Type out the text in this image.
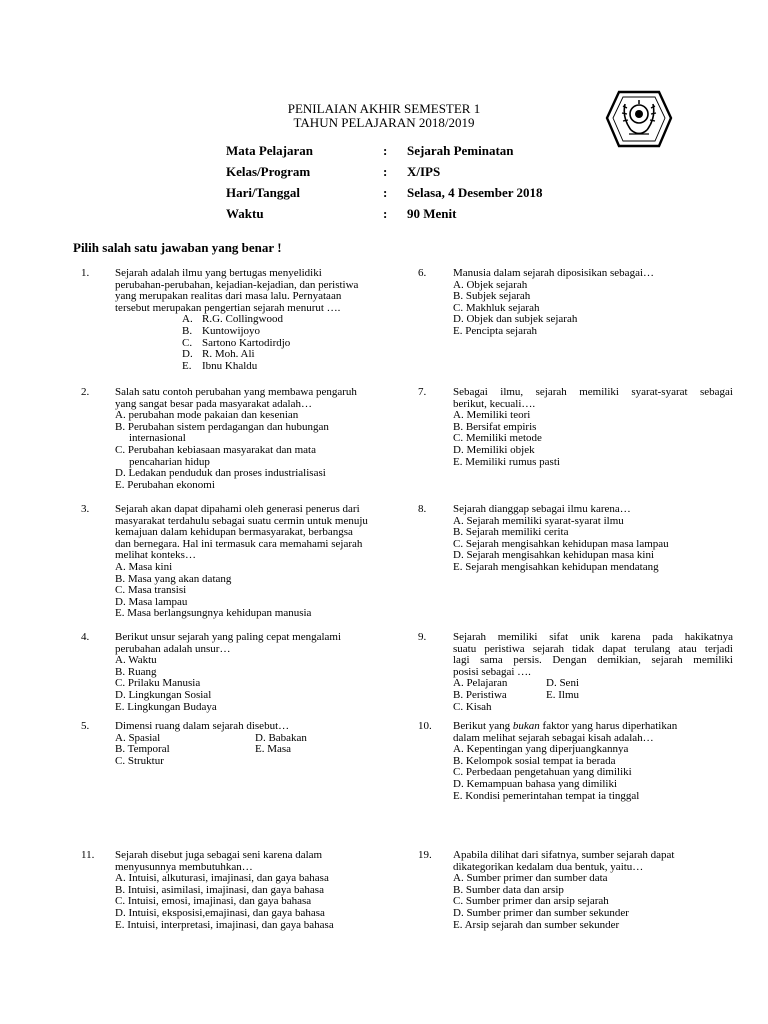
PENILAIAN AKHIR SEMESTER 1
TAHUN PELAJARAN 2018/2019
Mata Pelajaran	: Sejarah Peminatan
Kelas/Program	: X/IPS
Hari/Tanggal	: Selasa, 4 Desember 2018
Waktu	: 90 Menit
Pilih salah satu jawaban yang benar !
1. Sejarah adalah ilmu yang bertugas menyelidiki
perubahan-perubahan, kejadian-kejadian, dan peristiwa
yang merupakan realitas dari masa lalu. Pernyataan
tersebut merupakan pengertian sejarah menurut ….
A. R.G. Collingwood
B. Kuntowijoyo
C. Sartono Kartodirdjo
D. R. Moh. Ali
E. Ibnu Khaldu
2. Salah satu contoh perubahan yang membawa pengaruh
yang sangat besar pada masyarakat adalah…
A. perubahan mode pakaian dan kesenian
B. Perubahan sistem perdagangan dan hubungan
internasional
C. Perubahan kebiasaan masyarakat dan mata
pencaharian hidup
D. Ledakan penduduk dan proses industrialisasi
E. Perubahan ekonomi
3. Sejarah akan dapat dipahami oleh generasi penerus dari
masyarakat terdahulu sebagai suatu cermin untuk menuju
kemajuan dalam kehidupan bermasyarakat, berbangsa
dan bernegara. Hal ini termasuk cara memahami sejarah
melihat konteks…
A. Masa kini
B. Masa yang akan datang
C. Masa transisi
D. Masa lampau
E. Masa berlangsungnya kehidupan manusia
4. Berikut unsur sejarah yang paling cepat mengalami
perubahan adalah unsur…
A. Waktu
B. Ruang
C. Prilaku Manusia
D. Lingkungan Sosial
E. Lingkungan Budaya
5. Dimensi ruang dalam sejarah disebut…
A. Spasial	D. Babakan
B. Temporal	E. Masa
C. Struktur
6. Manusia dalam sejarah diposisikan sebagai…
A. Objek sejarah
B. Subjek sejarah
C. Makhluk sejarah
D. Objek dan subjek sejarah
E. Pencipta sejarah
7. Sebagai ilmu, sejarah memiliki syarat-syarat sebagai
berikut, kecuali….
A. Memiliki teori
B. Bersifat empiris
C. Memiliki metode
D. Memiliki objek
E. Memiliki rumus pasti
8. Sejarah dianggap sebagai ilmu karena…
A. Sejarah memiliki syarat-syarat ilmu
B. Sejarah memiliki cerita
C. Sejarah mengisahkan kehidupan masa lampau
D. Sejarah mengisahkan kehidupan masa kini
E. Sejarah mengisahkan kehidupan mendatang
9. Sejarah memiliki sifat unik karena pada hakikatnya
suatu peristiwa sejarah tidak dapat terulang atau terjadi
lagi sama persis. Dengan demikian, sejarah memiliki
posisi sebagai ….
A. Pelajaran	D. Seni
B. Peristiwa	E. Ilmu
C. Kisah
10. Berikut yang bukan faktor yang harus diperhatikan
dalam melihat sejarah sebagai kisah adalah…
A. Kepentingan yang diperjuangkannya
B. Kelompok sosial tempat ia berada
C. Perbedaan pengetahuan yang dimiliki
D. Kemampuan bahasa yang dimiliki
E. Kondisi pemerintahan tempat ia tinggal
11. Sejarah disebut juga sebagai seni karena dalam
menyusunnya membutuhkan…
A. Intuisi, alkuturasi, imajinasi, dan gaya bahasa
B. Intuisi, asimilasi, imajinasi, dan gaya bahasa
C. Intuisi, emosi, imajinasi, dan gaya bahasa
D. Intuisi, eksposisi,emajinasi, dan gaya bahasa
E. Intuisi, interpretasi, imajinasi, dan gaya bahasa
19. Apabila dilihat dari sifatnya, sumber sejarah dapat
dikategorikan kedalam dua bentuk, yaitu…
A. Sumber primer dan sumber data
B. Sumber data dan arsip
C. Sumber primer dan arsip sejarah
D. Sumber primer dan sumber sekunder
E. Arsip sejarah dan sumber sekunder
